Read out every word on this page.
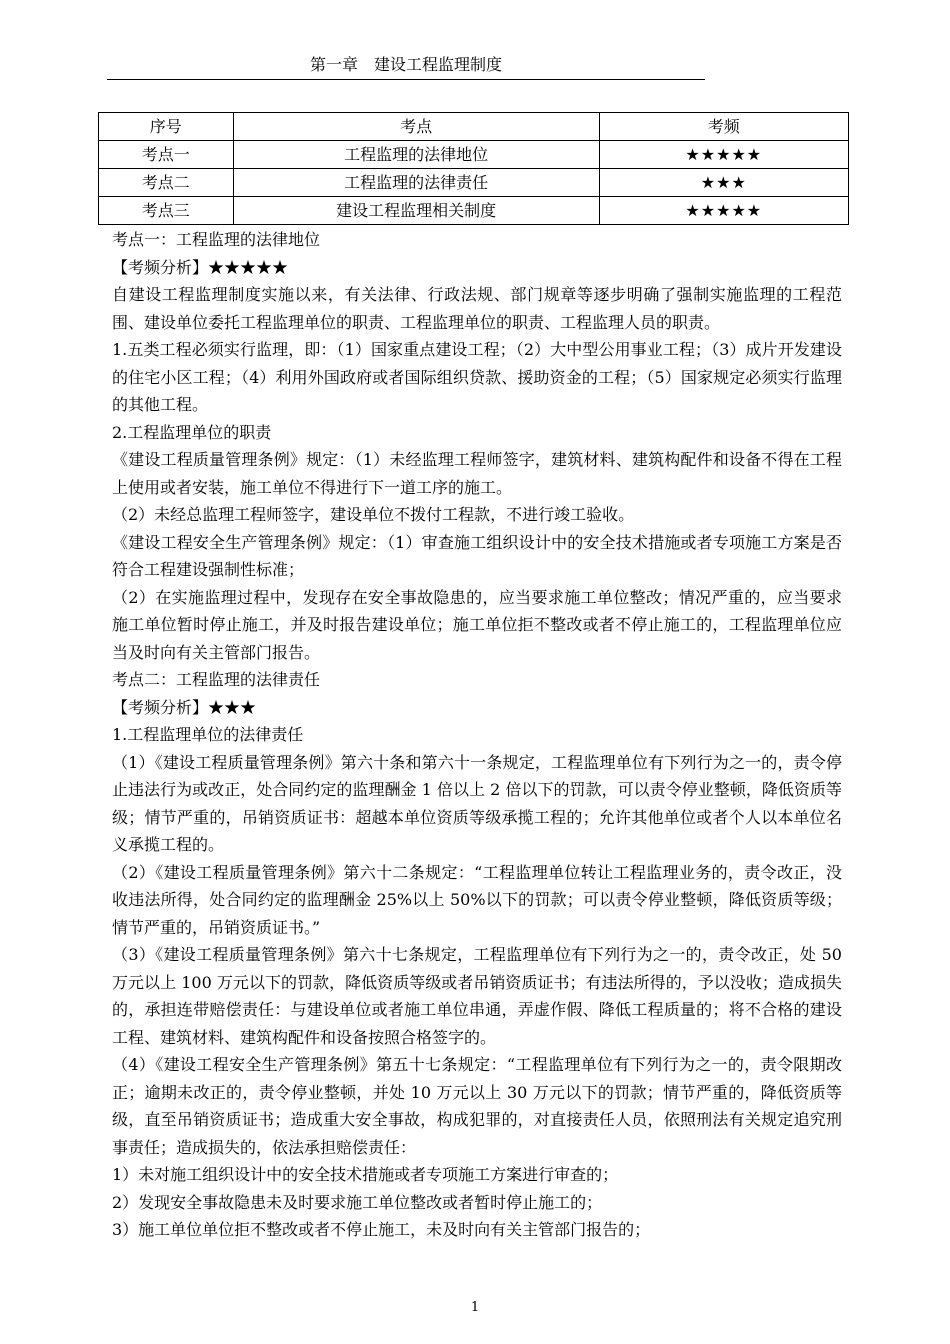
第一章　建设工程监理制度
序号	考点	考频
考点一	工程监理的法律地位	★★★★★
考点二	工程监理的法律责任	★★★
考点三	建设工程监理相关制度	★★★★★

考点一：工程监理的法律地位

【考频分析】★★★★★

自建设工程监理制度实施以来，有关法律、行政法规、部门规章等逐步明确了强制实施监理的工程范围、建设单位委托工程监理单位的职责、工程监理单位的职责、工程监理人员的职责。

1.五类工程必须实行监理，即：（1）国家重点建设工程；（2）大中型公用事业工程；（3）成片开发建设的住宅小区工程；（4）利用外国政府或者国际组织贷款、援助资金的工程；（5）国家规定必须实行监理的其他工程。

2.工程监理单位的职责

《建设工程质量管理条例》规定：（1）未经监理工程师签字，建筑材料、建筑构配件和设备不得在工程上使用或者安装，施工单位不得进行下一道工序的施工。

（2）未经总监理工程师签字，建设单位不拨付工程款，不进行竣工验收。

《建设工程安全生产管理条例》规定：（1）审查施工组织设计中的安全技术措施或者专项施工方案是否符合工程建设强制性标准；

（2）在实施监理过程中，发现存在安全事故隐患的，应当要求施工单位整改；情况严重的，应当要求施工单位暂时停止施工，并及时报告建设单位；施工单位拒不整改或者不停止施工的，工程监理单位应当及时向有关主管部门报告。

考点二：工程监理的法律责任

【考频分析】★★★

1.工程监理单位的法律责任

（1）《建设工程质量管理条例》第六十条和第六十一条规定，工程监理单位有下列行为之一的，责令停止违法行为或改正，处合同约定的监理酬金 1 倍以上 2 倍以下的罚款，可以责令停业整顿，降低资质等级；情节严重的，吊销资质证书：超越本单位资质等级承揽工程的；允许其他单位或者个人以本单位名义承揽工程的。

（2）《建设工程质量管理条例》第六十二条规定：“工程监理单位转让工程监理业务的，责令改正，没收违法所得，处合同约定的监理酬金 25%以上 50%以下的罚款；可以责令停业整顿，降低资质等级；情节严重的，吊销资质证书。”

（3）《建设工程质量管理条例》第六十七条规定，工程监理单位有下列行为之一的，责令改正，处 50 万元以上 100 万元以下的罚款，降低资质等级或者吊销资质证书；有违法所得的，予以没收；造成损失的，承担连带赔偿责任：与建设单位或者施工单位串通，弄虚作假、降低工程质量的；将不合格的建设工程、建筑材料、建筑构配件和设备按照合格签字的。

（4）《建设工程安全生产管理条例》第五十七条规定：“工程监理单位有下列行为之一的，责令限期改正；逾期未改正的，责令停业整顿，并处 10 万元以上 30 万元以下的罚款；情节严重的，降低资质等级，直至吊销资质证书；造成重大安全事故，构成犯罪的，对直接责任人员，依照刑法有关规定追究刑事责任；造成损失的，依法承担赔偿责任：

1）未对施工组织设计中的安全技术措施或者专项施工方案进行审查的；

2）发现安全事故隐患未及时要求施工单位整改或者暂时停止施工的；

3）施工单位单位拒不整改或者不停止施工，未及时向有关主管部门报告的；

1
